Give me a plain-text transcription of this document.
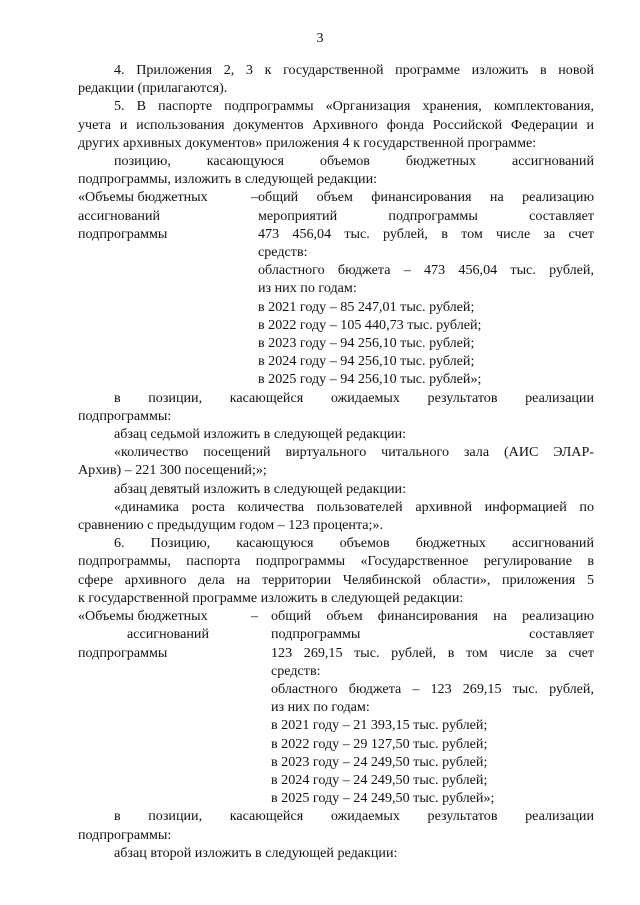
3

4. Приложения 2, 3 к государственной программе изложить в новой

редакции (прилагаются).

5. В паспорте подпрограммы «Организация хранения, комплектования,

учета и использования документов Архивного фонда Российской Федерации и

других архивных документов» приложения 4 к государственной программе:

позицию, касающуюся объемов бюджетных ассигнований

подпрограммы, изложить в следующей редакции:

«Объемы бюджетных	–
ассигнований
подпрограммы

общий объем финансирования на реализацию

мероприятий подпрограммы составляет

473 456,04 тыс. рублей, в том числе за счет

средств:

областного бюджета – 473 456,04 тыс. рублей,

из них по годам:

в 2021 году – 85 247,01 тыс. рублей;

в 2022 году – 105 440,73 тыс. рублей;

в 2023 году – 94 256,10 тыс. рублей;

в 2024 году – 94 256,10 тыс. рублей;

в 2025 году – 94 256,10 тыс. рублей»;

в позиции, касающейся ожидаемых результатов реализации

подпрограммы:

абзац седьмой изложить в следующей редакции:

«количество посещений виртуального читального зала (АИС ЭЛАР-

Архив) – 221 300 посещений;»;

абзац девятый изложить в следующей редакции:

«динамика роста количества пользователей архивной информацией по

сравнению с предыдущим годом – 123 процента;».

6. Позицию, касающуюся объемов бюджетных ассигнований

подпрограммы, паспорта подпрограммы «Государственное регулирование в

сфере архивного дела на территории Челябинской области», приложения 5

к государственной программе изложить в следующей редакции:

«Объемы бюджетных	–
ассигнований
подпрограммы

общий объем финансирования на реализацию

подпрограммы составляет

123 269,15 тыс. рублей, в том числе за счет

средств:

областного бюджета – 123 269,15 тыс. рублей,

из них по годам:

в 2021 году – 21 393,15 тыс. рублей;

в 2022 году – 29 127,50 тыс. рублей;

в 2023 году – 24 249,50 тыс. рублей;

в 2024 году – 24 249,50 тыс. рублей;

в 2025 году – 24 249,50 тыс. рублей»;

в позиции, касающейся ожидаемых результатов реализации

подпрограммы:

абзац второй изложить в следующей редакции:
